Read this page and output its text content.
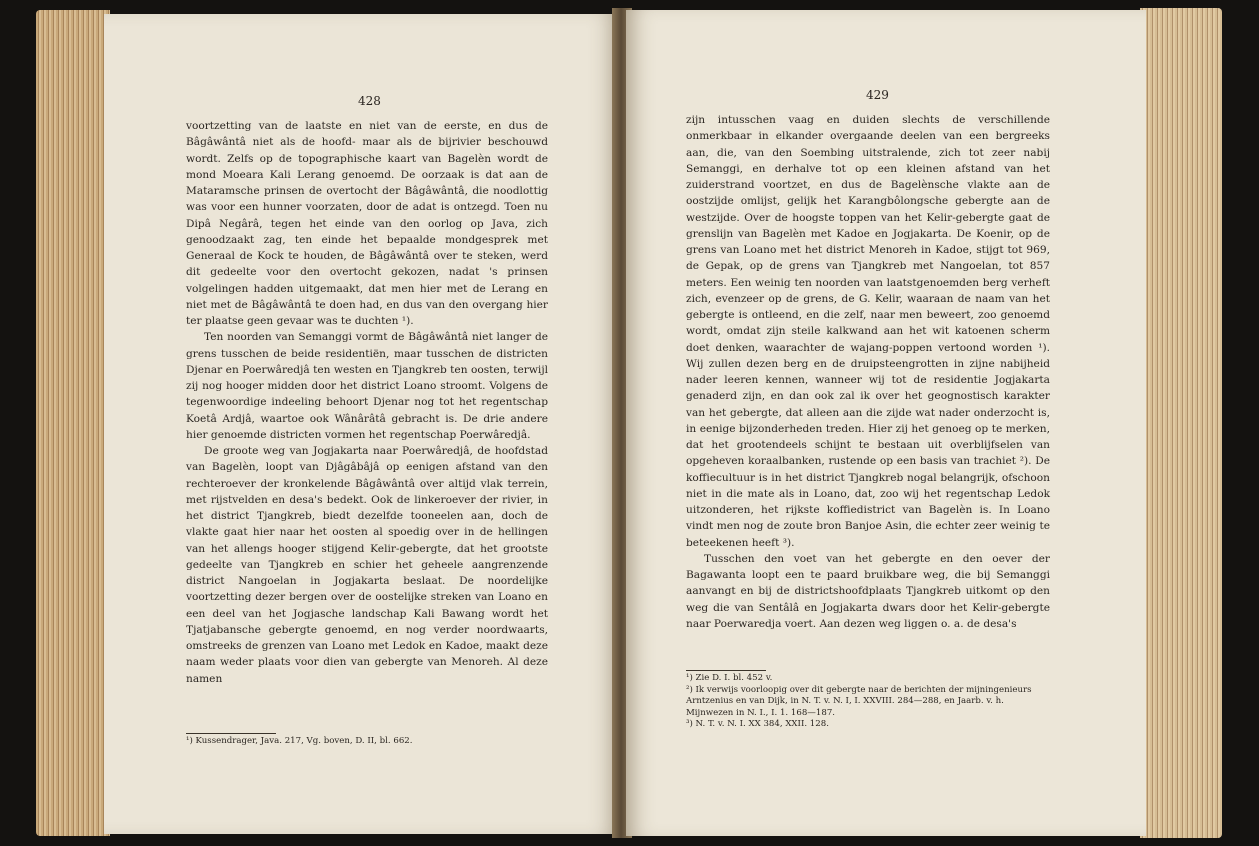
428

voortzetting van de laatste en niet van de eerste, en dus de Bâgâwântâ niet als de hoofd- maar als de bijrivier beschouwd wordt. Zelfs op de topographische kaart van Bagelèn wordt de mond Moeara Kali Lerang genoemd. De oorzaak is dat aan de Mataramsche prinsen de overtocht der Bâgâwântâ, die noodlottig was voor een hunner voorzaten, door de adat is ontzegd. Toen nu Dipâ Negârâ, tegen het einde van den oorlog op Java, zich genoodzaakt zag, ten einde het bepaalde mondgesprek met Generaal de Kock te houden, de Bâgâwântâ over te steken, werd dit gedeelte voor den overtocht gekozen, nadat 's prinsen volgelingen hadden uitgemaakt, dat men hier met de Lerang en niet met de Bâgâwântâ te doen had, en dus van den overgang hier ter plaatse geen gevaar was te duchten ¹).

Ten noorden van Semanggi vormt de Bâgâwântâ niet langer de grens tusschen de beide residentiën, maar tusschen de districten Djenar en Poerwâredjâ ten westen en Tjangkreb ten oosten, terwijl zij nog hooger midden door het district Loano stroomt. Volgens de tegenwoordige indeeling behoort Djenar nog tot het regentschap Koetâ Ardjâ, waartoe ook Wânârâtâ gebracht is. De drie andere hier genoemde districten vormen het regentschap Poerwâredjâ.

De groote weg van Jogjakarta naar Poerwâredjâ, de hoofdstad van Bagelèn, loopt van Djâgâbâjâ op eenigen afstand van den rechteroever der kronkelende Bâgâwântâ over altijd vlak terrein, met rijstvelden en desa's bedekt. Ook de linkeroever der rivier, in het district Tjangkreb, biedt dezelfde tooneelen aan, doch de vlakte gaat hier naar het oosten al spoedig over in de hellingen van het allengs hooger stijgend Kelir-gebergte, dat het grootste gedeelte van Tjangkreb en schier het geheele aangrenzende district Nangoelan in Jogjakarta beslaat. De noordelijke voortzetting dezer bergen over de oostelijke streken van Loano en een deel van het Jogjasche landschap Kali Bawang wordt het Tjatjabansche gebergte genoemd, en nog verder noordwaarts, omstreeks de grenzen van Loano met Ledok en Kadoe, maakt deze naam weder plaats voor dien van gebergte van Menoreh. Al deze namen

¹) Kussendrager, Java. 217, Vg. boven, D. II, bl. 662.

429

zijn intusschen vaag en duiden slechts de verschillende onmerkbaar in elkander overgaande deelen van een bergreeks aan, die, van den Soembing uitstralende, zich tot zeer nabij Semanggi, en derhalve tot op een kleinen afstand van het zuiderstrand voortzet, en dus de Bagelènsche vlakte aan de oostzijde omlijst, gelijk het Karangbôlongsche gebergte aan de westzijde. Over de hoogste toppen van het Kelir-gebergte gaat de grenslijn van Bagelèn met Kadoe en Jogjakarta. De Koenir, op de grens van Loano met het district Menoreh in Kadoe, stijgt tot 969, de Gepak, op de grens van Tjangkreb met Nangoelan, tot 857 meters. Een weinig ten noorden van laatstgenoemden berg verheft zich, evenzeer op de grens, de G. Kelir, waaraan de naam van het gebergte is ontleend, en die zelf, naar men beweert, zoo genoemd wordt, omdat zijn steile kalkwand aan het wit katoenen scherm doet denken, waarachter de wajang-poppen vertoond worden ¹). Wij zullen dezen berg en de druipsteengrotten in zijne nabijheid nader leeren kennen, wanneer wij tot de residentie Jogjakarta genaderd zijn, en dan ook zal ik over het geognostisch karakter van het gebergte, dat alleen aan die zijde wat nader onderzocht is, in eenige bijzonderheden treden. Hier zij het genoeg op te merken, dat het grootendeels schijnt te bestaan uit overblijfselen van opgeheven koraalbanken, rustende op een basis van trachiet ²). De koffiecultuur is in het district Tjangkreb nogal belangrijk, ofschoon niet in die mate als in Loano, dat, zoo wij het regentschap Ledok uitzonderen, het rijkste koffiedistrict van Bagelèn is. In Loano vindt men nog de zoute bron Banjoe Asin, die echter zeer weinig te beteekenen heeft ³).

Tusschen den voet van het gebergte en den oever der Bagawanta loopt een te paard bruikbare weg, die bij Semanggi aanvangt en bij de districtshoofdplaats Tjangkreb uitkomt op den weg die van Sentâlâ en Jogjakarta dwars door het Kelir-gebergte naar Poerwaredja voert. Aan dezen weg liggen o. a. de desa's

¹) Zie D. I. bl. 452 v.

²) Ik verwijs voorloopig over dit gebergte naar de berichten der mijningenieurs Arntzenius en van Dijk, in N. T. v. N. I, I. XXVIII. 284—288, en Jaarb. v. h. Mijnwezen in N. I., I. 1. 168—187.

³) N. T. v. N. I. XX 384, XXII. 128.
